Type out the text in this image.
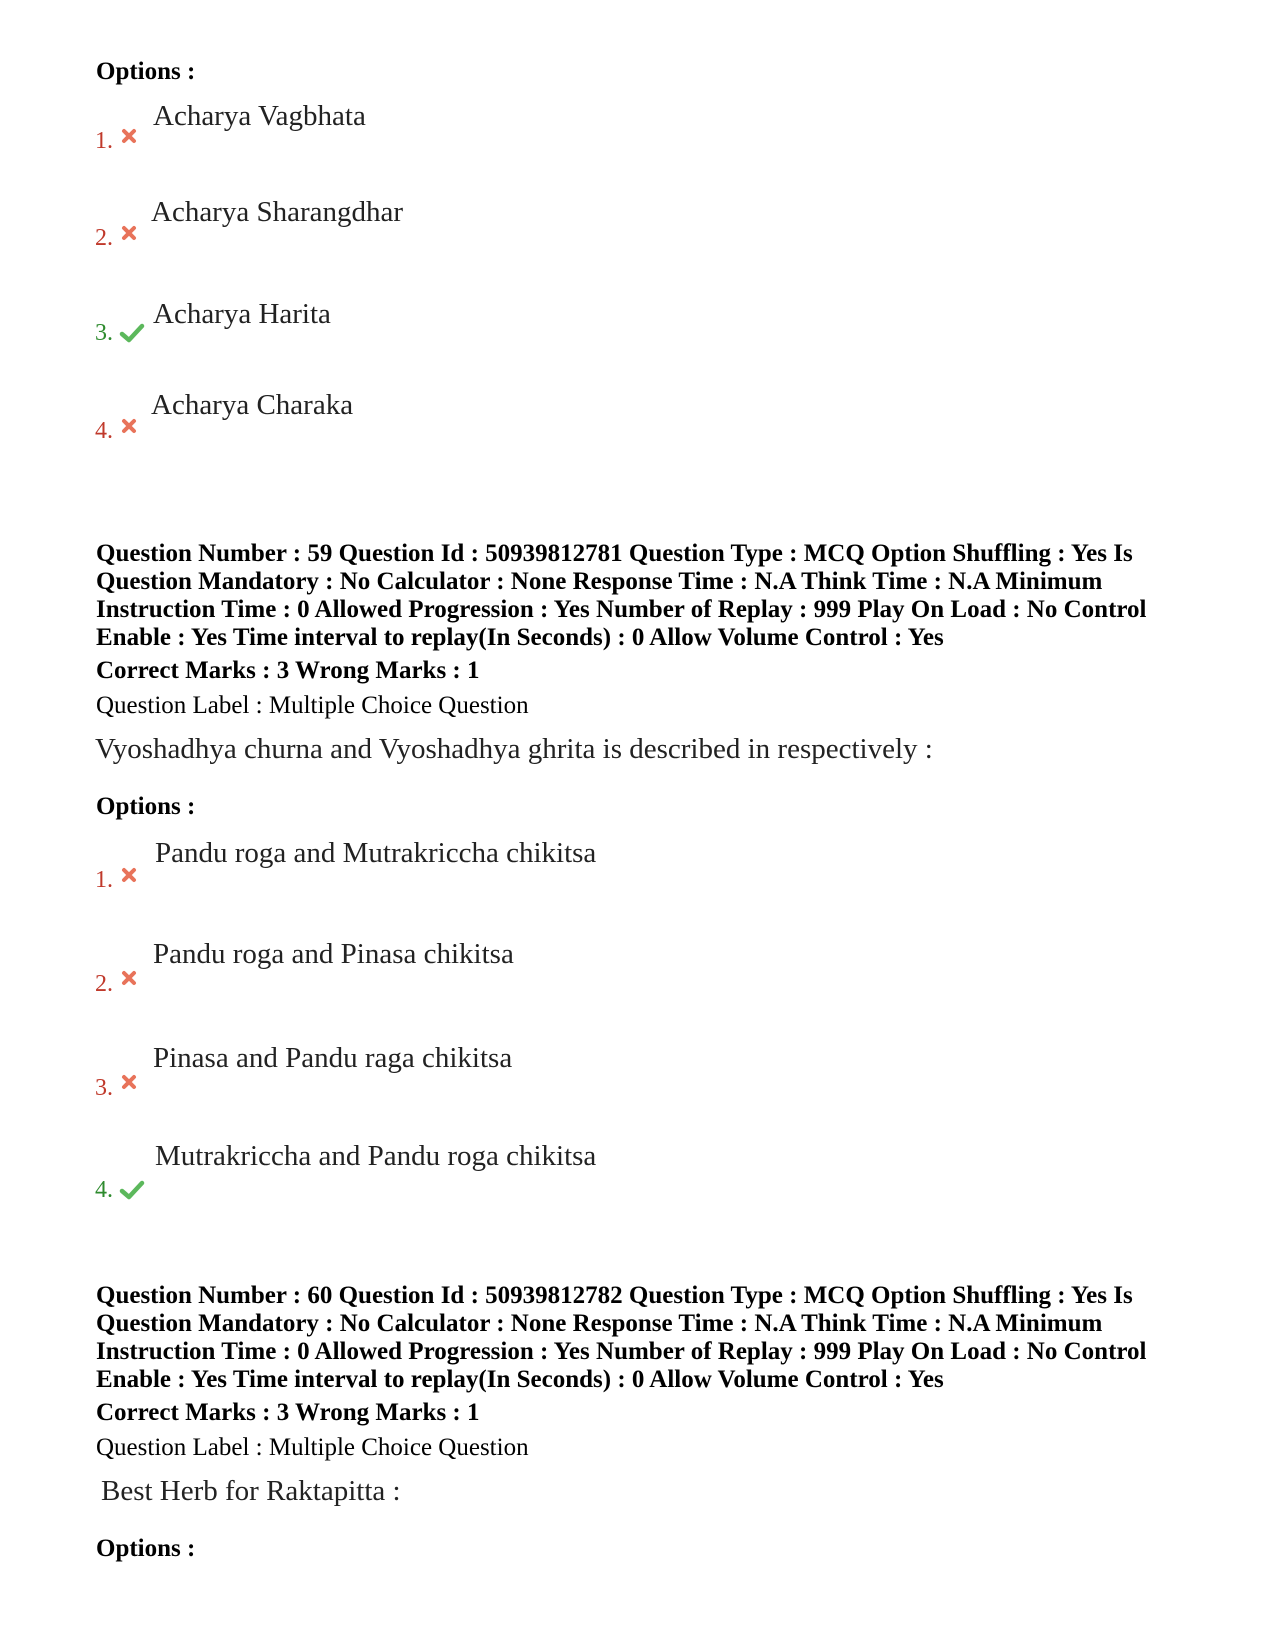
Options :
1.
Acharya Vagbhata
2.
Acharya Sharangdhar
3.
Acharya Harita
4.
Acharya Charaka
Question Number : 59 Question Id : 50939812781 Question Type : MCQ Option Shuffling : Yes Is
Question Mandatory : No Calculator : None Response Time : N.A Think Time : N.A Minimum
Instruction Time : 0 Allowed Progression : Yes Number of Replay : 999 Play On Load : No Control
Enable : Yes Time interval to replay(In Seconds) : 0 Allow Volume Control : Yes
Correct Marks : 3 Wrong Marks : 1
Question Label : Multiple Choice Question
Vyoshadhya churna and Vyoshadhya ghrita is described in respectively :
Options :
1.
Pandu roga and Mutrakriccha chikitsa
2.
Pandu roga and Pinasa chikitsa
3.
Pinasa and Pandu raga chikitsa
4.
Mutrakriccha and Pandu roga chikitsa
Question Number : 60 Question Id : 50939812782 Question Type : MCQ Option Shuffling : Yes Is
Question Mandatory : No Calculator : None Response Time : N.A Think Time : N.A Minimum
Instruction Time : 0 Allowed Progression : Yes Number of Replay : 999 Play On Load : No Control
Enable : Yes Time interval to replay(In Seconds) : 0 Allow Volume Control : Yes
Correct Marks : 3 Wrong Marks : 1
Question Label : Multiple Choice Question
Best Herb for Raktapitta :
Options :
